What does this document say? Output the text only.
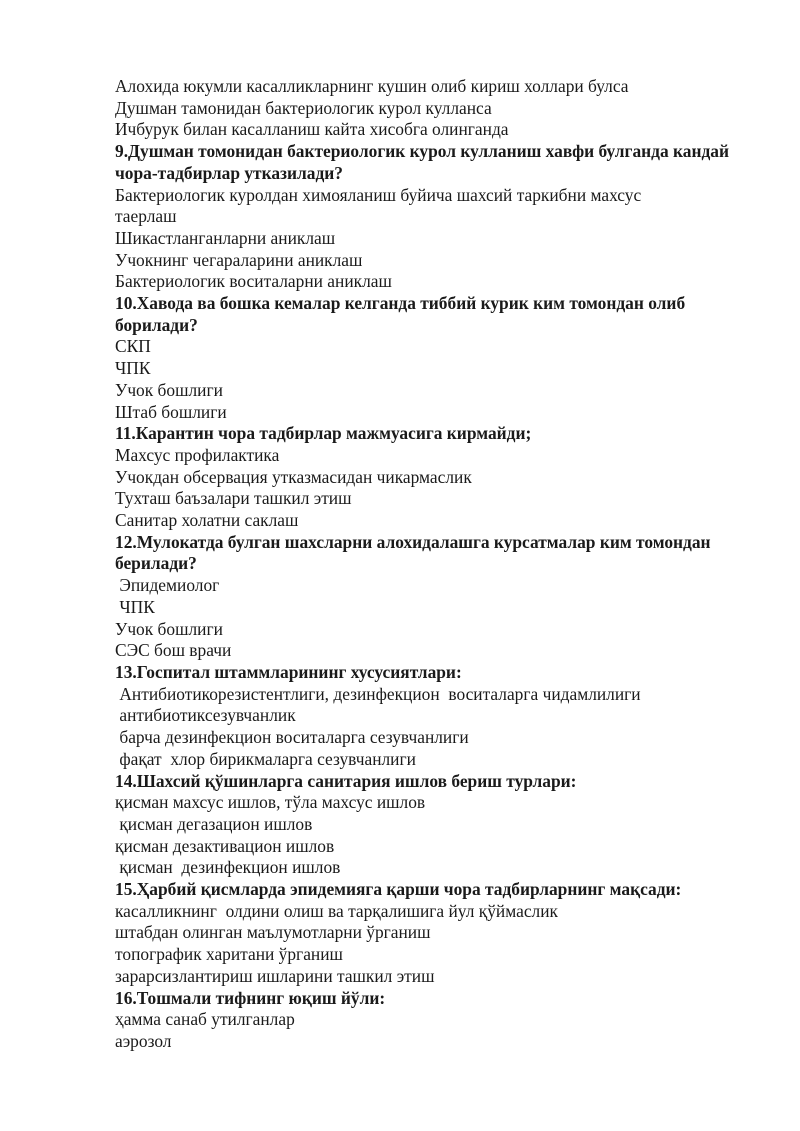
Алохида юкумли касалликларнинг кушин олиб кириш холлари булса
Душман тамонидан бактериологик курол кулланса
Ичбурук билан касалланиш кайта хисобга олинганда
9.Душман томонидан бактериологик курол кулланиш хавфи булганда кандай чора-тадбирлар утказилади?
Бактериологик куролдан химояланиш буйича шахсий таркибни махсус
таерлаш
Шикастланганларни аниклаш
Учокнинг чегараларини аниклаш
Бактериологик воситаларни аниклаш
10.Хавода ва бошка кемалар келганда тиббий курик ким томондан олиб борилади?
СКП
ЧПК
Учок бошлиги
Штаб бошлиги
11.Карантин чора тадбирлар мажмуасига кирмайди;
Махсус профилактика
Учокдан обсервация утказмасидан чикармаслик
Тухташ баъзалари ташкил этиш
Санитар холатни саклаш
12.Мулокатда булган шахсларни алохидалашга курсатмалар ким томондан берилади?
Эпидемиолог
ЧПК
Учок бошлиги
СЭС бош врачи
13.Госпитал штаммларининг хусусиятлари:
Антибиотикорезистентлиги, дезинфекцион  воситаларга чидамлилиги
антибиотиксезувчанлик
барча дезинфекцион воситаларга сезувчанлиги
фақат  хлор бирикмаларга сезувчанлиги
14.Шахсий қўшинларга санитария ишлов бериш турлари:
қисман махсус ишлов, тўла махсус ишлов
қисман дегазацион ишлов
қисман дезактивацион ишлов
қисман  дезинфекцион ишлов
15.Ҳарбий қисмларда эпидемияга қарши чора тадбирларнинг мақсади:
касалликнинг  олдини олиш ва тарқалишига йул қўймаслик
штабдан олинган маълумотларни ўрганиш
топографик харитани ўрганиш
зарарсизлантириш ишларини ташкил этиш
16.Тошмали тифнинг юқиш йўли:
ҳамма санаб утилганлар
аэрозол
